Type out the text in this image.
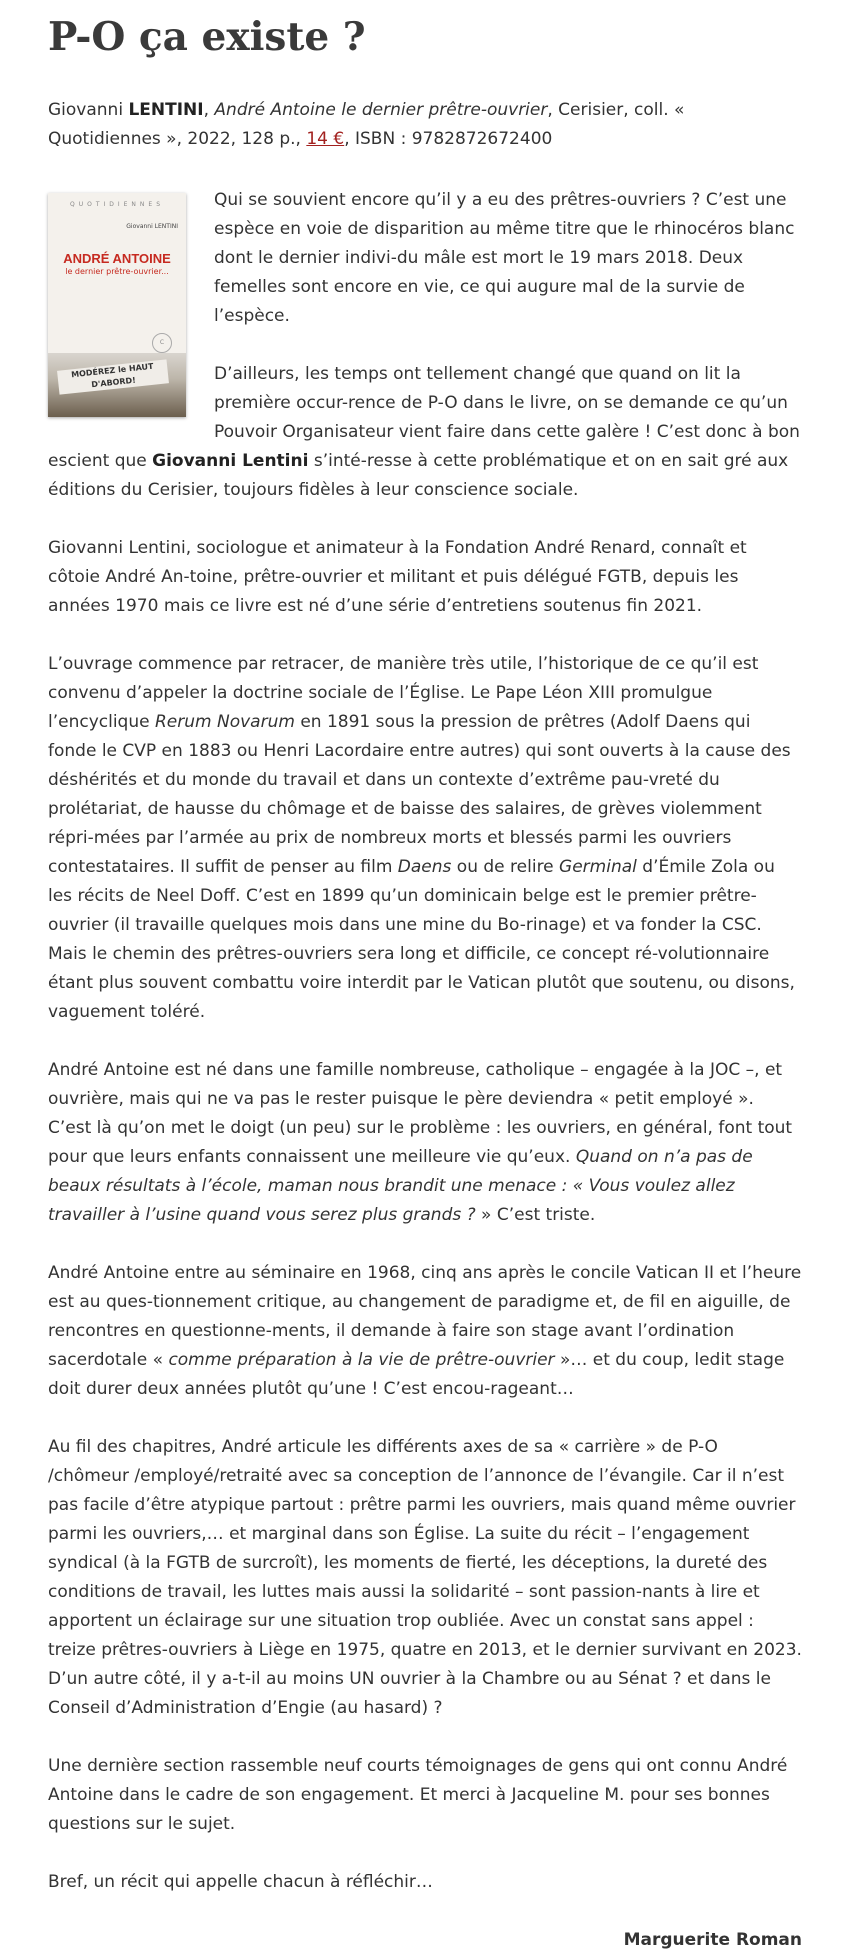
P-O ça existe ?
Giovanni LENTINI, André Antoine le dernier prêtre-ouvrier, Cerisier, coll. « Quotidiennes », 2022, 128 p., 14 €, ISBN : 9782872672400
QUOTIDIENNES
Giovanni LENTINI
ANDRÉ ANTOINE
le dernier prêtre-ouvrier...
C
MODÉREZ le HAUT D'ABORD!

Qui se souvient encore qu’il y a eu des prêtres-ouvriers ? C’est une espèce en voie de disparition au même titre que le rhinocéros blanc dont le dernier indivi-du mâle est mort le 19 mars 2018. Deux femelles sont encore en vie, ce qui augure mal de la survie de l’espèce.

D’ailleurs, les temps ont tellement changé que quand on lit la première occur-rence de P-O dans le livre, on se demande ce qu’un Pouvoir Organisateur vient faire dans cette galère ! C’est donc à bon escient que Giovanni Lentini s’inté-resse à cette problématique et on en sait gré aux éditions du Cerisier, toujours fidèles à leur conscience sociale.

Giovanni Lentini, sociologue et animateur à la Fondation André Renard, connaît et côtoie André An-toine, prêtre-ouvrier et militant et puis délégué FGTB, depuis les années 1970 mais ce livre est né d’une série d’entretiens soutenus fin 2021.

L’ouvrage commence par retracer, de manière très utile, l’historique de ce qu’il est convenu d’appeler la doctrine sociale de l’Église. Le Pape Léon XIII promulgue l’encyclique Rerum Novarum en 1891 sous la pression de prêtres (Adolf Daens qui fonde le CVP en 1883 ou Henri Lacordaire entre autres) qui sont ouverts à la cause des déshérités et du monde du travail et dans un contexte d’extrême pau-vreté du prolétariat, de hausse du chômage et de baisse des salaires, de grèves violemment répri-mées par l’armée au prix de nombreux morts et blessés parmi les ouvriers contestataires. Il suffit de penser au film Daens ou de relire Germinal d’Émile Zola ou les récits de Neel Doff. C’est en 1899 qu’un dominicain belge est le premier prêtre-ouvrier (il travaille quelques mois dans une mine du Bo-rinage) et va fonder la CSC. Mais le chemin des prêtres-ouvriers sera long et difficile, ce concept ré-volutionnaire étant plus souvent combattu voire interdit par le Vatican plutôt que soutenu, ou disons, vaguement toléré.

André Antoine est né dans une famille nombreuse, catholique – engagée à la JOC –, et ouvrière, mais qui ne va pas le rester puisque le père deviendra « petit employé ». C’est là qu’on met le doigt (un peu) sur le problème : les ouvriers, en général, font tout pour que leurs enfants connaissent une meilleure vie qu’eux. Quand on n’a pas de beaux résultats à l’école, maman nous brandit une menace : « Vous voulez allez travailler à l’usine quand vous serez plus grands ? » C’est triste.

André Antoine entre au séminaire en 1968, cinq ans après le concile Vatican II et l’heure est au ques-tionnement critique, au changement de paradigme et, de fil en aiguille, de rencontres en questionne-ments, il demande à faire son stage avant l’ordination sacerdotale « comme préparation à la vie de prêtre-ouvrier »… et du coup, ledit stage doit durer deux années plutôt qu’une ! C’est encou-rageant…

Au fil des chapitres, André articule les différents axes de sa « carrière » de P-O /chômeur /employé/retraité avec sa conception de l’annonce de l’évangile. Car il n’est pas facile d’être atypique partout : prêtre parmi les ouvriers, mais quand même ouvrier parmi les ouvriers,… et marginal dans son Église. La suite du récit – l’engagement syndical (à la FGTB de surcroît), les moments de fierté, les déceptions, la dureté des conditions de travail, les luttes mais aussi la solidarité – sont passion-nants à lire et apportent un éclairage sur une situation trop oubliée. Avec un constat sans appel : treize prêtres-ouvriers à Liège en 1975, quatre en 2013, et le dernier survivant en 2023. D’un autre côté, il y a-t-il au moins UN ouvrier à la Chambre ou au Sénat ? et dans le Conseil d’Administration d’Engie (au hasard) ?

Une dernière section rassemble neuf courts témoignages de gens qui ont connu André Antoine dans le cadre de son engagement. Et merci à Jacqueline M. pour ses bonnes questions sur le sujet.

Bref, un récit qui appelle chacun à réfléchir…

Marguerite Roman
